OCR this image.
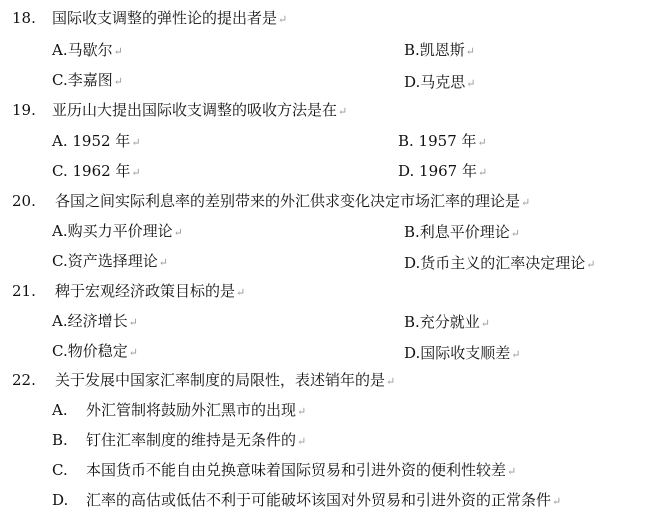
18. 国际收支调整的弹性论的提出者是↵
A.马歇尔↵	B.凯恩斯↵
C.李嘉图↵	D.马克思↵
19. 亚历山大提出国际收支调整的吸收方法是在↵
A. 1952 年↵	B. 1957 年↵
C. 1962 年↵	D. 1967 年↵
20. 各国之间实际利息率的差别带来的外汇供求变化决定市场汇率的理论是↵
A.购买力平价理论↵	B.利息平价理论↵
C.资产选择理论↵	D.货币主义的汇率决定理论↵
21. 稗于宏观经济政策目标的是↵
A.经济增长↵	B.充分就业↵
C.物价稳定↵	D.国际收支顺差↵
22. 关于发展中国家汇率制度的局限性，表述销年的是↵
A. 外汇管制将鼓励外汇黑市的出现↵
B. 钉住汇率制度的维持是无条件的↵
C. 本国货币不能自由兑换意味着国际贸易和引进外资的便利性较差↵
D. 汇率的高估或低估不利于可能破坏该国对外贸易和引进外资的正常条件↵
